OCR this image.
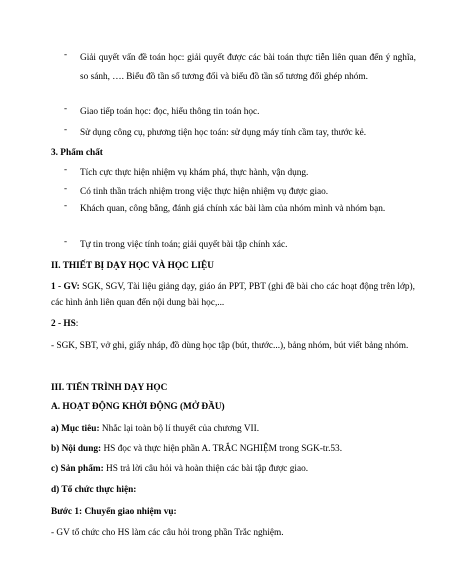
- Giải quyết vấn đề toán học: giải quyết được các bài toán thực tiễn liên quan đến ý nghĩa, so sánh, …. Biểu đồ tần số tương đối và biểu đồ tần số tương đối ghép nhóm.
- Giao tiếp toán học: đọc, hiểu thông tin toán học.
- Sử dụng công cụ, phương tiện học toán: sử dụng máy tính cầm tay, thước kẻ.
3. Phẩm chất
- Tích cực thực hiện nhiệm vụ khám phá, thực hành, vận dụng.
- Có tinh thần trách nhiệm trong việc thực hiện nhiệm vụ được giao.
- Khách quan, công bằng, đánh giá chính xác bài làm của nhóm mình và nhóm bạn.
- Tự tin trong việc tính toán; giải quyết bài tập chính xác.
II. THIẾT BỊ DẠY HỌC VÀ HỌC LIỆU

1 - GV: SGK, SGV, Tài liệu giảng dạy, giáo án PPT, PBT (ghi đề bài cho các hoạt động trên lớp), các hình ảnh liên quan đến nội dung bài học,...

2 - HS:

- SGK, SBT, vở ghi, giấy nháp, đồ dùng học tập (bút, thước...), bảng nhóm, bút viết bảng nhóm.

III. TIẾN TRÌNH DẠY HỌC
A. HOẠT ĐỘNG KHỞI ĐỘNG (MỞ ĐẦU)

a) Mục tiêu: Nhắc lại toàn bộ lí thuyết của chương VII.

b) Nội dung: HS đọc và thực hiện phần A. TRẮC NGHIỆM trong SGK-tr.53.

c) Sản phẩm: HS trả lời câu hỏi và hoàn thiện các bài tập được giao.

d) Tổ chức thực hiện:

Bước 1: Chuyển giao nhiệm vụ:

- GV tổ chức cho HS làm các câu hỏi trong phần Trắc nghiệm.
